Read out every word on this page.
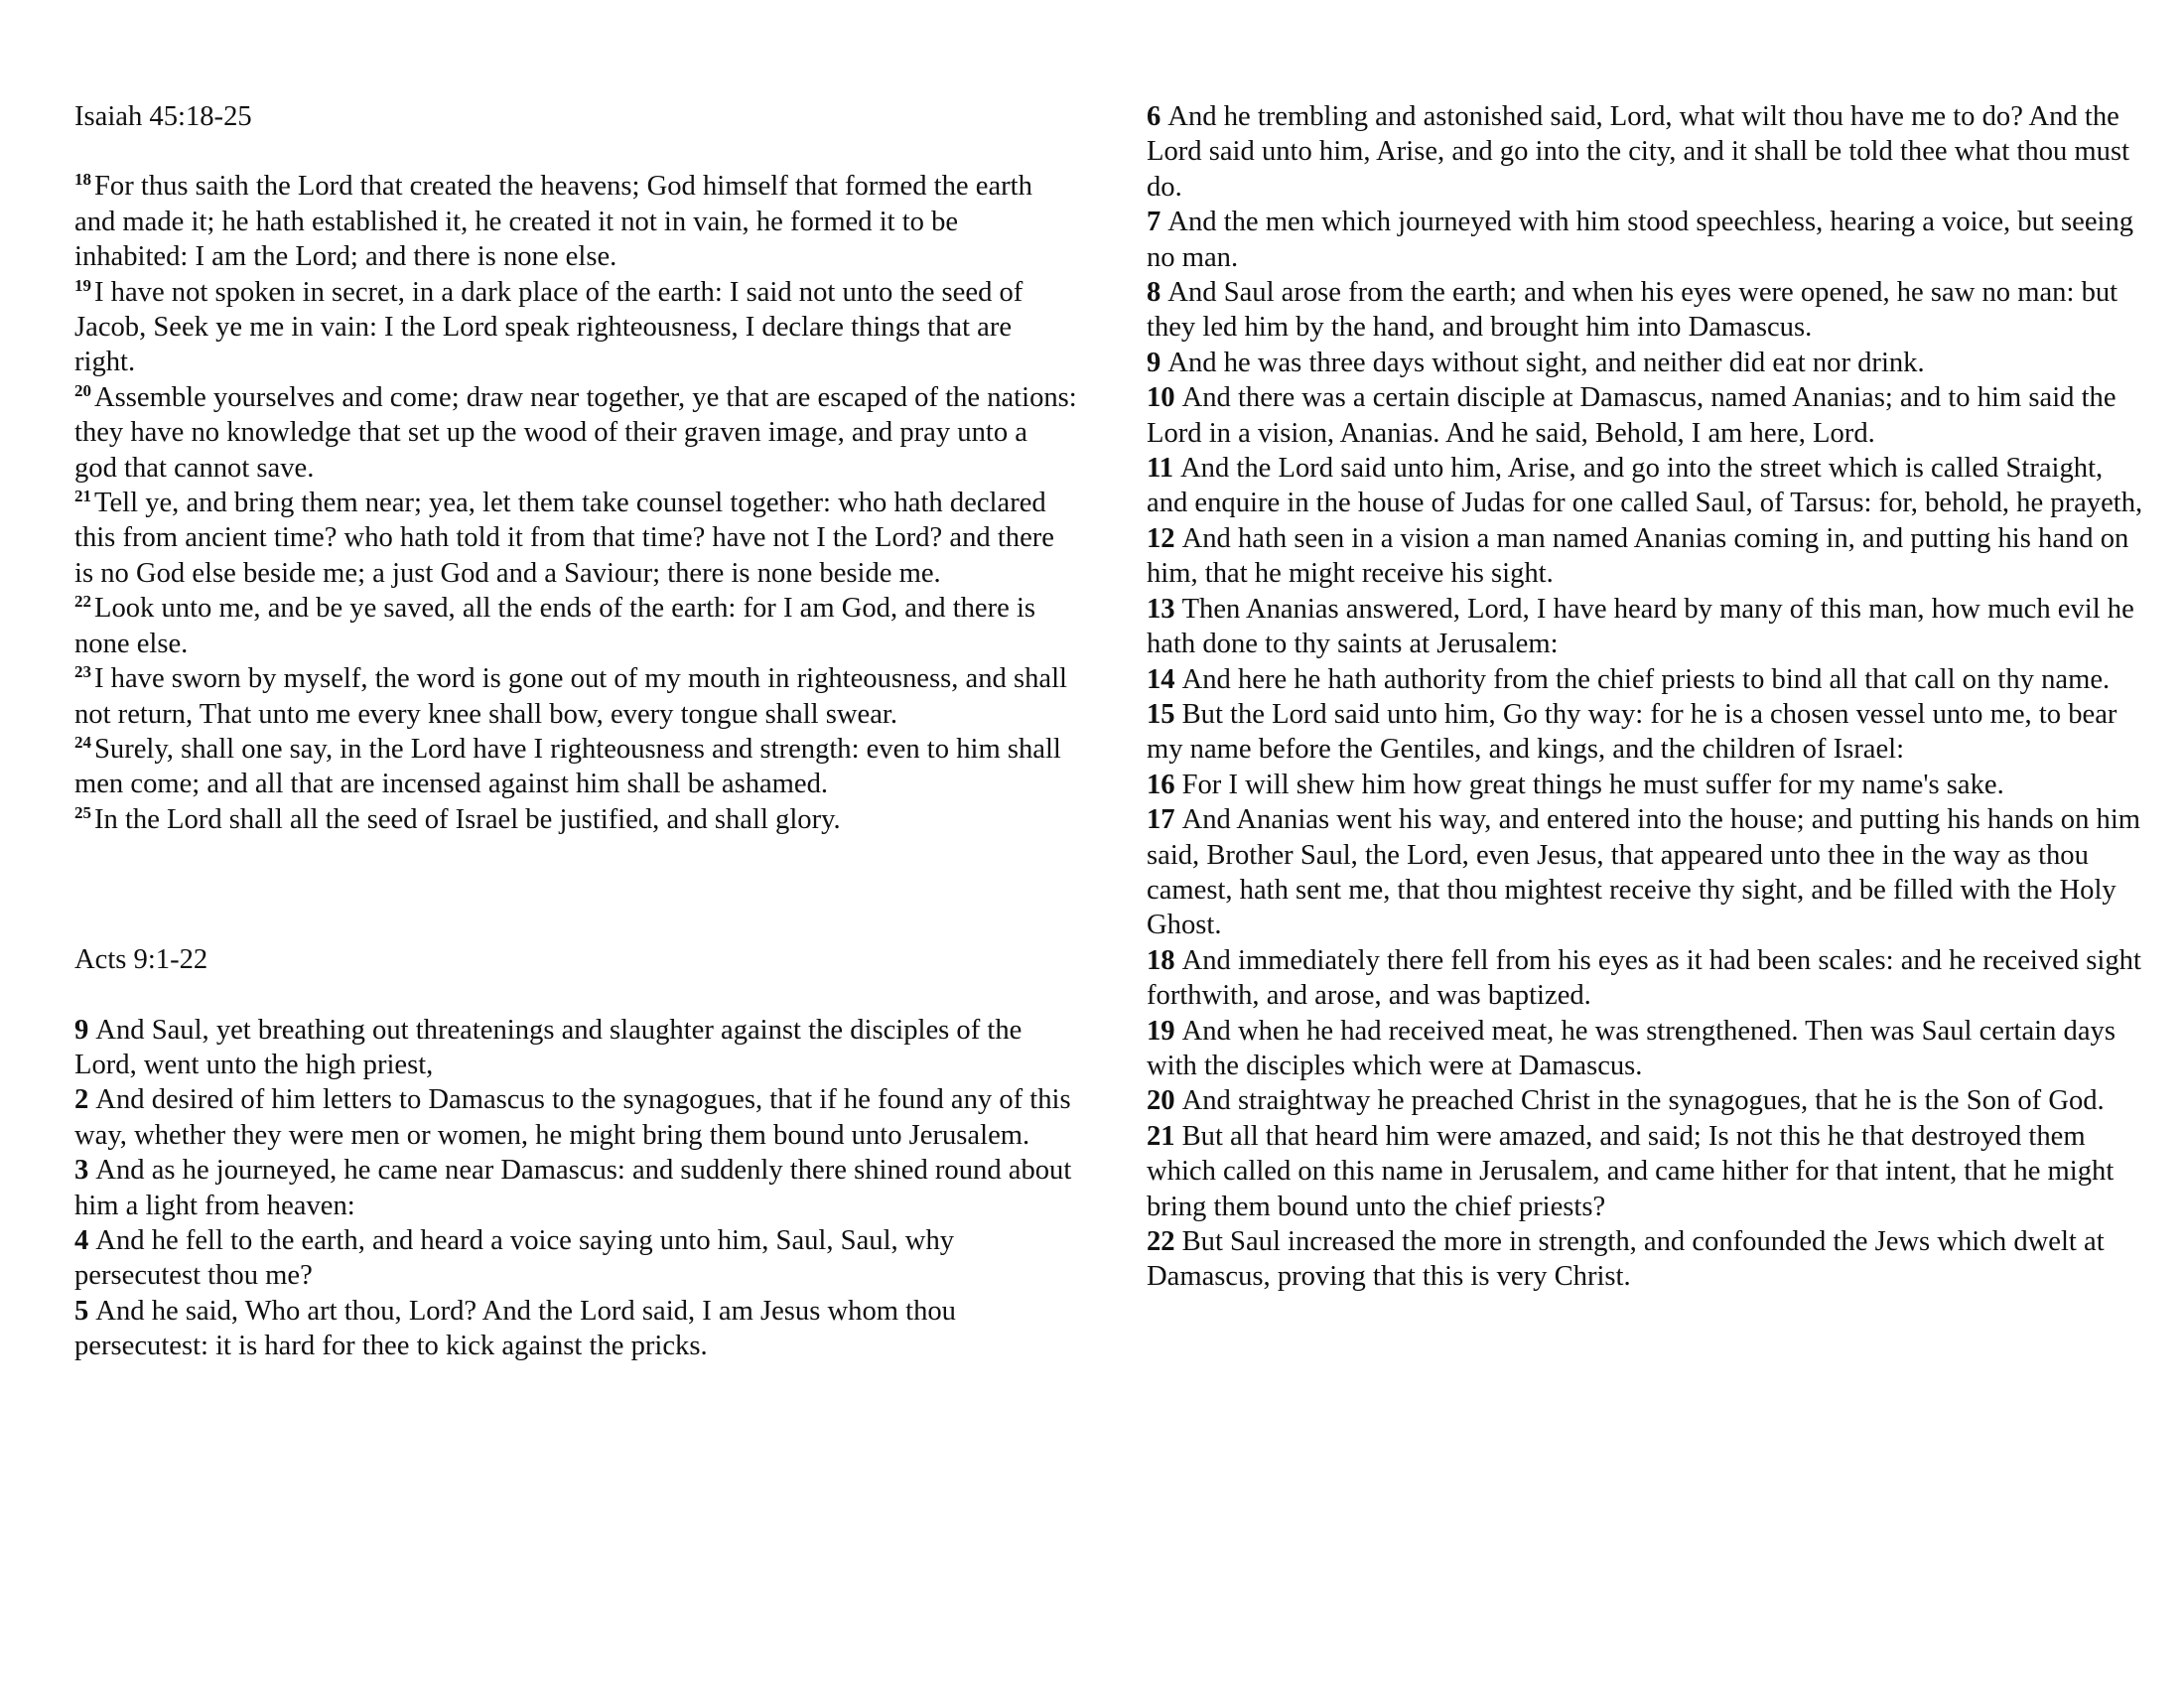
Isaiah 45:18-25
$^{18}$ For thus saith the Lord that created the heavens; God himself that formed the earth and made it; he hath established it, he created it not in vain, he formed it to be inhabited: I am the Lord; and there is none else.
$^{19}$ I have not spoken in secret, in a dark place of the earth: I said not unto the seed of Jacob, Seek ye me in vain: I the Lord speak righteousness, I declare things that are right.
$^{20}$ Assemble yourselves and come; draw near together, ye that are escaped of the nations: they have no knowledge that set up the wood of their graven image, and pray unto a god that cannot save.
$^{21}$ Tell ye, and bring them near; yea, let them take counsel together: who hath declared this from ancient time? who hath told it from that time? have not I the Lord? and there is no God else beside me; a just God and a Saviour; there is none beside me.
$^{22}$ Look unto me, and be ye saved, all the ends of the earth: for I am God, and there is none else.
$^{23}$ I have sworn by myself, the word is gone out of my mouth in righteousness, and shall not return, That unto me every knee shall bow, every tongue shall swear.
$^{24}$ Surely, shall one say, in the Lord have I righteousness and strength: even to him shall men come; and all that are incensed against him shall be ashamed.
$^{25}$ In the Lord shall all the seed of Israel be justified, and shall glory.
Acts 9:1-22
9 And Saul, yet breathing out threatenings and slaughter against the disciples of the Lord, went unto the high priest,
2 And desired of him letters to Damascus to the synagogues, that if he found any of this way, whether they were men or women, he might bring them bound unto Jerusalem.
3 And as he journeyed, he came near Damascus: and suddenly there shined round about him a light from heaven:
4 And he fell to the earth, and heard a voice saying unto him, Saul, Saul, why persecutest thou me?
5 And he said, Who art thou, Lord? And the Lord said, I am Jesus whom thou persecutest: it is hard for thee to kick against the pricks.
6 And he trembling and astonished said, Lord, what wilt thou have me to do? And the Lord said unto him, Arise, and go into the city, and it shall be told thee what thou must do.
7 And the men which journeyed with him stood speechless, hearing a voice, but seeing no man.
8 And Saul arose from the earth; and when his eyes were opened, he saw no man: but they led him by the hand, and brought him into Damascus.
9 And he was three days without sight, and neither did eat nor drink.
10 And there was a certain disciple at Damascus, named Ananias; and to him said the Lord in a vision, Ananias. And he said, Behold, I am here, Lord.
11 And the Lord said unto him, Arise, and go into the street which is called Straight, and enquire in the house of Judas for one called Saul, of Tarsus: for, behold, he prayeth,
12 And hath seen in a vision a man named Ananias coming in, and putting his hand on him, that he might receive his sight.
13 Then Ananias answered, Lord, I have heard by many of this man, how much evil he hath done to thy saints at Jerusalem:
14 And here he hath authority from the chief priests to bind all that call on thy name.
15 But the Lord said unto him, Go thy way: for he is a chosen vessel unto me, to bear my name before the Gentiles, and kings, and the children of Israel:
16 For I will shew him how great things he must suffer for my name's sake.
17 And Ananias went his way, and entered into the house; and putting his hands on him said, Brother Saul, the Lord, even Jesus, that appeared unto thee in the way as thou camest, hath sent me, that thou mightest receive thy sight, and be filled with the Holy Ghost.
18 And immediately there fell from his eyes as it had been scales: and he received sight forthwith, and arose, and was baptized.
19 And when he had received meat, he was strengthened. Then was Saul certain days with the disciples which were at Damascus.
20 And straightway he preached Christ in the synagogues, that he is the Son of God.
21 But all that heard him were amazed, and said; Is not this he that destroyed them which called on this name in Jerusalem, and came hither for that intent, that he might bring them bound unto the chief priests?
22 But Saul increased the more in strength, and confounded the Jews which dwelt at Damascus, proving that this is very Christ.
